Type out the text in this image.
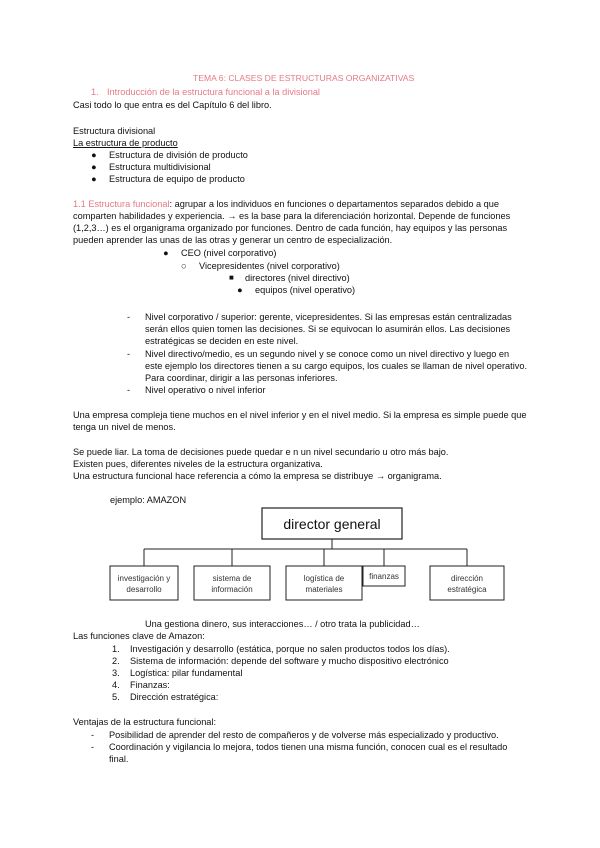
TEMA 6: CLASES DE ESTRUCTURAS ORGANIZATIVAS
1. Introducción de la estructura funcional a la divisional
Casi todo lo que entra es del Capítulo 6 del libro.
Estructura divisional
La estructura de producto
● Estructura de división de producto
● Estructura multidivisional
● Estructura de equipo de producto
1.1 Estructura funcional: agrupar a los individuos en funciones o departamentos separados debido a que
comparten habilidades y experiencia. → es la base para la diferenciación horizontal. Depende de funciones
(1,2,3…) es el organigrama organizado por funciones. Dentro de cada función, hay equipos y las personas
pueden aprender las unas de las otras y generar un centro de especialización.
● CEO (nivel corporativo)
○ Vicepresidentes (nivel corporativo)
■ directores (nivel directivo)
● equipos (nivel operativo)
- Nivel corporativo / superior: gerente, vicepresidentes. Si las empresas están centralizadas
serán ellos quien tomen las decisiones. Si se equivocan lo asumirán ellos. Las decisiones
estratégicas se deciden en este nivel.
- Nivel directivo/medio, es un segundo nivel y se conoce como un nivel directivo y luego en
este ejemplo los directores tienen a su cargo equipos, los cuales se llaman de nivel operativo.
Para coordinar, dirigir a las personas inferiores.
- Nivel operativo o nivel inferior
Una empresa compleja tiene muchos en el nivel inferior y en el nivel medio. Si la empresa es simple puede que
tenga un nivel de menos.
Se puede liar. La toma de decisiones puede quedar e n un nivel secundario u otro más bajo.
Existen pues, diferentes niveles de la estructura organizativa.
Una estructura funcional hace referencia a cómo la empresa se distribuye → organigrama.
ejemplo: AMAZON
director general
investigación y
desarrollo
sistema de
información
logística de
materiales
finanzas	dirección
estratégica
Una gestiona dinero, sus interacciones… / otro trata la publicidad…
Las funciones clave de Amazon:
1. Investigación y desarrollo (estática, porque no salen productos todos los días).
2. Sistema de información: depende del software y mucho dispositivo electrónico
3. Logística: pilar fundamental
4. Finanzas:
5. Dirección estratégica:
Ventajas de la estructura funcional:
- Posibilidad de aprender del resto de compañeros y de volverse más especializado y productivo.
- Coordinación y vigilancia lo mejora, todos tienen una misma función, conocen cual es el resultado
final.
